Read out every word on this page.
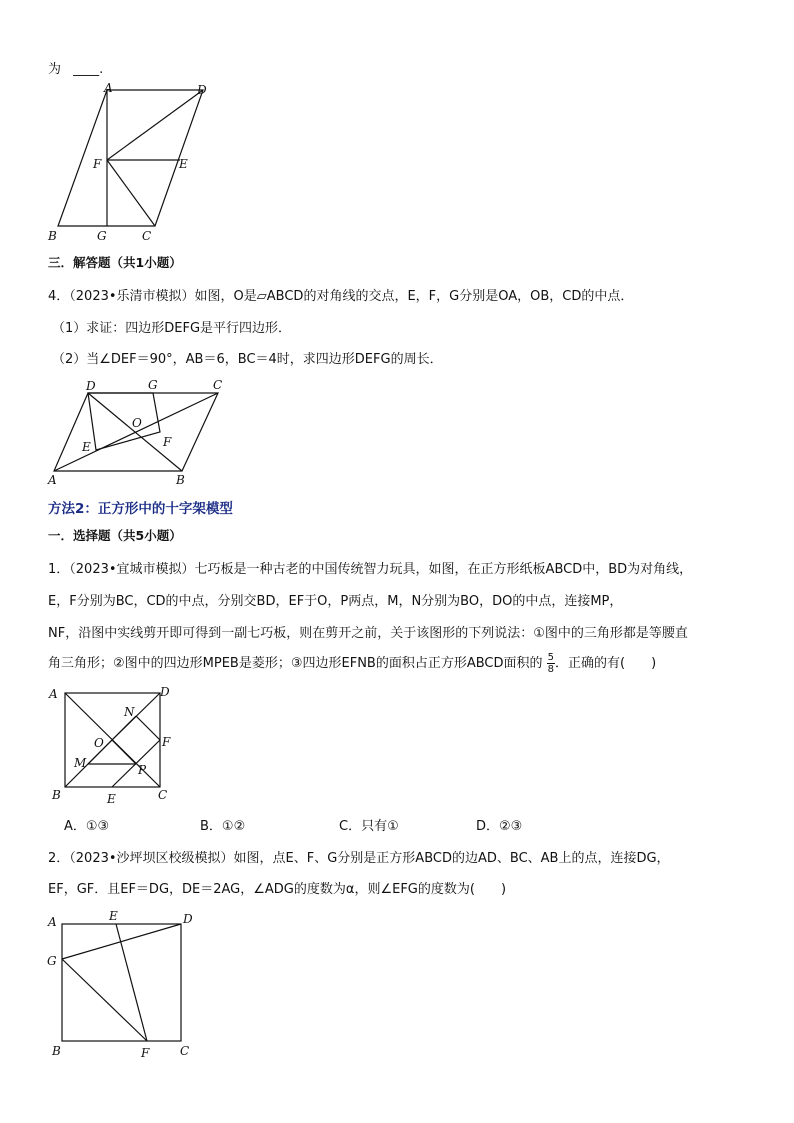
为 ____.
A	D
F	E
B	G	C
D	G	C
O
E	F
A	B
A	D
N
O	F
M	P
B	E	C
A	E	D
G
B	F	C
三．解答题（共1小题）
4．（2023•乐清市模拟）如图，O是▱ABCD的对角线的交点，E，F，G分别是OA，OB，CD的中点．
（1）求证：四边形DEFG是平行四边形．
（2）当∠DEF＝90°，AB＝6，BC＝4时，求四边形DEFG的周长．
方法2：正方形中的十字架模型
一．选择题（共5小题）
1．（2023•宜城市模拟）七巧板是一种古老的中国传统智力玩具，如图，在正方形纸板ABCD中，BD为对角线，
E，F分别为BC，CD的中点，分别交BD，EF于O，P两点，M，N分别为BO，DO的中点，连接MP，
NF，沿图中实线剪开即可得到一副七巧板，则在剪开之前，关于该图形的下列说法：①图中的三角形都是等腰直
角三角形；②图中的四边形MPEB是菱形；③四边形EFNB的面积占正方形ABCD面积的 $\frac{5}{8}$ ．正确的有(　　)
A．①③	B．①②	C．只有①	D．②③
2．（2023•沙坪坝区校级模拟）如图，点E、F、G分别是正方形ABCD的边AD、BC、AB上的点，连接DG，
EF，GF．且EF＝DG，DE＝2AG，∠ADG的度数为α，则∠EFG的度数为(　　)
